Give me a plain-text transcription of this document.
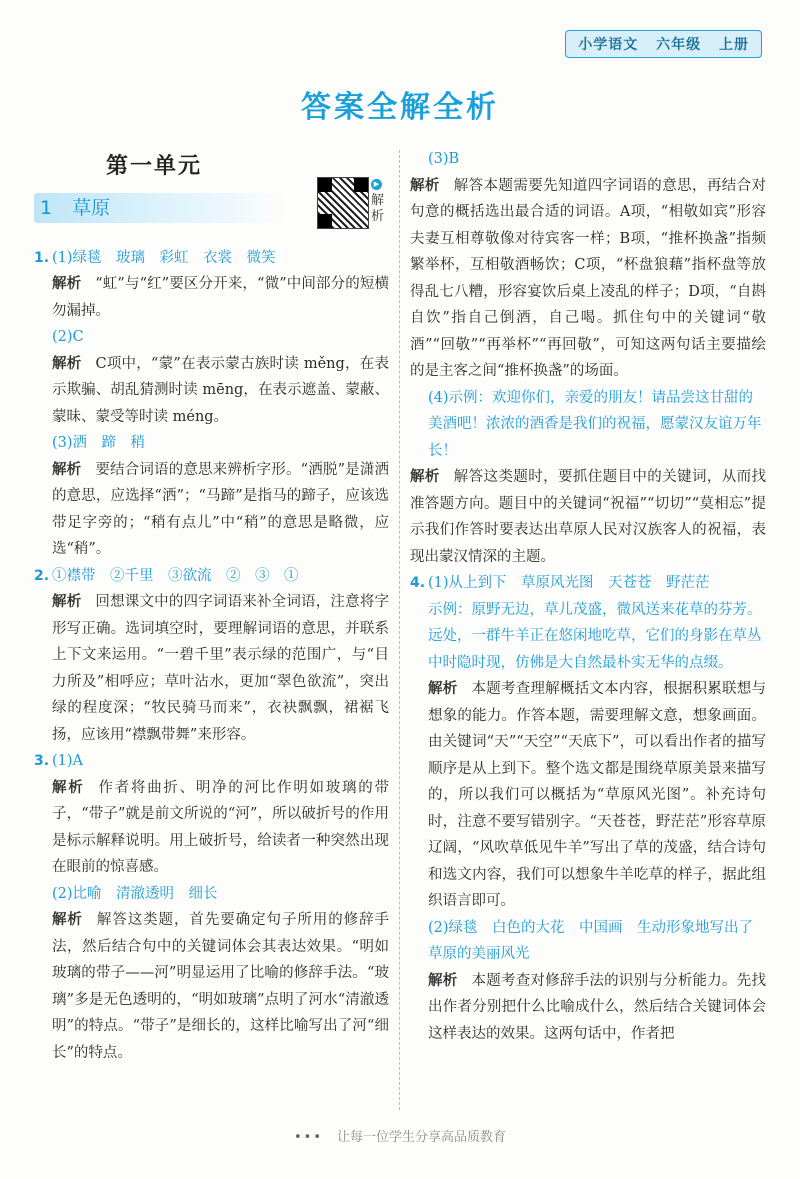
小学语文 六年级 上册
答案全解全析
第一单元
1 草原
▶
解析
1. (1)绿毯　玻璃　彩虹　衣裳　微笑

解析 “虹”与“红”要区分开来，“微”中间部分的短横勿漏掉。

(2)C

解析 C项中，“蒙”在表示蒙古族时读 měng，在表示欺骗、胡乱猜测时读 mēng，在表示遮盖、蒙蔽、蒙昧、蒙受等时读 méng。

(3)洒　蹄　稍

解析 要结合词语的意思来辨析字形。“洒脱”是潇洒的意思，应选择“洒”；“马蹄”是指马的蹄子，应该选带足字旁的；“稍有点儿”中“稍”的意思是略微，应选“稍”。

2. ①襟带　②千里　③欲流　②　③　①

解析 回想课文中的四字词语来补全词语，注意将字形写正确。选词填空时，要理解词语的意思，并联系上下文来运用。“一碧千里”表示绿的范围广，与“目力所及”相呼应；草叶沾水，更加“翠色欲流”，突出绿的程度深；“牧民骑马而来”，衣袂飘飘，裙裾飞扬，应该用“襟飘带舞”来形容。

3. (1)A

解析 作者将曲折、明净的河比作明如玻璃的带子，“带子”就是前文所说的“河”，所以破折号的作用是标示解释说明。用上破折号，给读者一种突然出现在眼前的惊喜感。

(2)比喻　清澈透明　细长

解析 解答这类题，首先要确定句子所用的修辞手法，然后结合句中的关键词体会其表达效果。“明如玻璃的带子——河”明显运用了比喻的修辞手法。“玻璃”多是无色透明的，“明如玻璃”点明了河水“清澈透明”的特点。“带子”是细长的，这样比喻写出了河“细长”的特点。

(3)B

解析 解答本题需要先知道四字词语的意思，再结合对句意的概括选出最合适的词语。A项，“相敬如宾”形容夫妻互相尊敬像对待宾客一样；B项，“推杯换盏”指频繁举杯，互相敬酒畅饮；C项，“杯盘狼藉”指杯盘等放得乱七八糟，形容宴饮后桌上凌乱的样子；D项，“自斟自饮”指自己倒酒，自己喝。抓住句中的关键词“敬酒”“回敬”“再举杯”“再回敬”，可知这两句话主要描绘的是主客之间“推杯换盏”的场面。

(4)示例：欢迎你们，亲爱的朋友！请品尝这甘甜的美酒吧！浓浓的酒香是我们的祝福，愿蒙汉友谊万年长！

解析 解答这类题时，要抓住题目中的关键词，从而找准答题方向。题目中的关键词“祝福”“切切”“莫相忘”提示我们作答时要表达出草原人民对汉族客人的祝福，表现出蒙汉情深的主题。

4. (1)从上到下　草原风光图　天苍苍　野茫茫

示例：原野无边，草儿茂盛，微风送来花草的芬芳。远处，一群牛羊正在悠闲地吃草，它们的身影在草丛中时隐时现，仿佛是大自然最朴实无华的点缀。

解析 本题考查理解概括文本内容，根据积累联想与想象的能力。作答本题，需要理解文意，想象画面。由关键词“天”“天空”“天底下”，可以看出作者的描写顺序是从上到下。整个选文都是围绕草原美景来描写的，所以我们可以概括为“草原风光图”。补充诗句时，注意不要写错别字。“天苍苍，野茫茫”形容草原辽阔，“风吹草低见牛羊”写出了草的茂盛，结合诗句和选文内容，我们可以想象牛羊吃草的样子，据此组织语言即可。

(2)绿毯　白色的大花　中国画　生动形象地写出了草原的美丽风光

解析 本题考查对修辞手法的识别与分析能力。先找出作者分别把什么比喻成什么，然后结合关键词体会这样表达的效果。这两句话中，作者把

••• 让每一位学生分享高品质教育
